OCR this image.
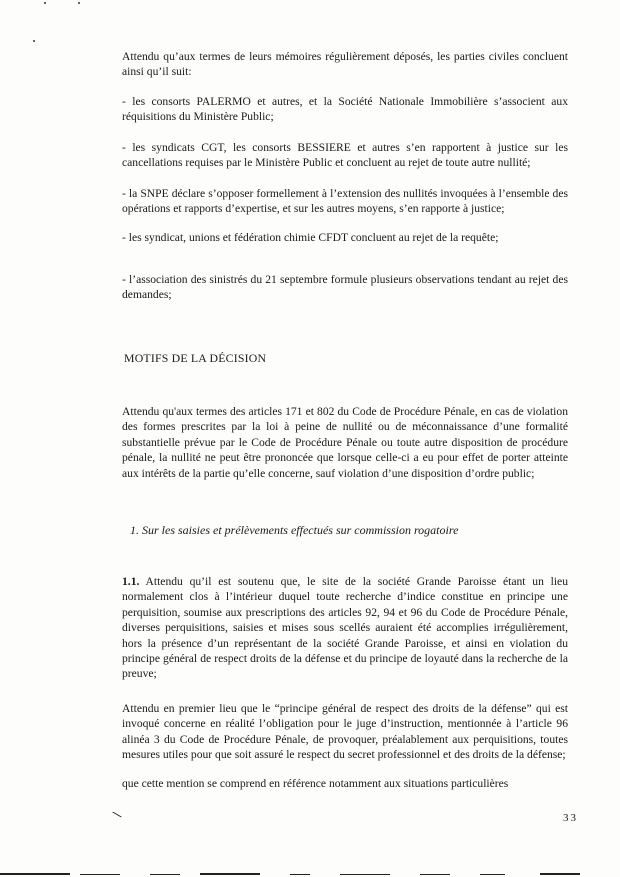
Attendu qu’aux termes de leurs mémoires régulièrement déposés, les parties civiles concluent ainsi qu’il suit:

- les consorts PALERMO et autres, et la Société Nationale Immobilière s’associent aux réquisitions du Ministère Public;

- les syndicats CGT, les consorts BESSIERE et autres s’en rapportent à justice sur les cancellations requises par le Ministère Public et concluent au rejet de toute autre nullité;

- la SNPE déclare s’opposer formellement à l’extension des nullités invoquées à l’ensemble des opérations et rapports d’expertise, et sur les autres moyens, s’en rapporte à justice;

- les syndicat, unions et fédération chimie CFDT concluent au rejet de la requête;

- l’association des sinistrés du 21 septembre formule plusieurs observations tendant au rejet des demandes;

MOTIFS DE LA DÉCISION

Attendu qu'aux termes des articles 171 et 802 du Code de Procédure Pénale, en cas de violation des formes prescrites par la loi à peine de nullité ou de méconnaissance d’une formalité substantielle prévue par le Code de Procédure Pénale ou toute autre disposition de procédure pénale, la nullité ne peut être prononcée que lorsque celle-ci a eu pour effet de porter atteinte aux intérêts de la partie qu’elle concerne, sauf violation d’une disposition d’ordre public;

1. Sur les saisies et prélèvements effectués sur commission rogatoire

1.1. Attendu qu’il est soutenu que, le site de la société Grande Paroisse étant un lieu normalement clos à l’intérieur duquel toute recherche d’indice constitue en principe une perquisition, soumise aux prescriptions des articles 92, 94 et 96 du Code de Procédure Pénale, diverses perquisitions, saisies et mises sous scellés auraient été accomplies irrégulièrement, hors la présence d’un représentant de la société Grande Paroisse, et ainsi en violation du principe général de respect droits de la défense et du principe de loyauté dans la recherche de la preuve;

Attendu en premier lieu que le “principe général de respect des droits de la défense” qui est invoqué concerne en réalité l’obligation pour le juge d’instruction, mentionnée à l’article 96 alinéa 3 du Code de Procédure Pénale, de provoquer, préalablement aux perquisitions, toutes mesures utiles pour que soit assuré le respect du secret professionnel et des droits de la défense;

que cette mention se comprend en référence notamment aux situations particulières

33
